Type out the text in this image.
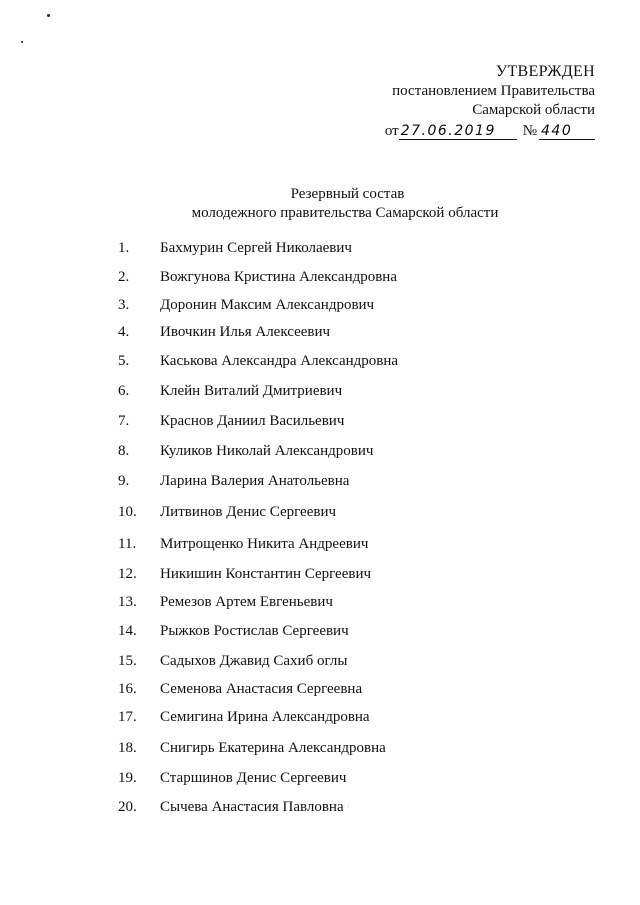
УТВЕРЖДЕН
постановлением Правительства
Самарской области
от 27.06.2019 № 440
Резервный состав
молодежного правительства Самарской области
1.	Бахмурин Сергей Николаевич
2.	Вожгунова Кристина Александровна
3.	Доронин Максим Александрович
4.	Ивочкин Илья Алексеевич
5.	Каськова Александра Александровна
6.	Клейн Виталий Дмитриевич
7.	Краснов Даниил Васильевич
8.	Куликов Николай Александрович
9.	Ларина Валерия Анатольевна
10.	Литвинов Денис Сергеевич
11.	Митрощенко Никита Андреевич
12.	Никишин Константин Сергеевич
13.	Ремезов Артем Евгеньевич
14.	Рыжков Ростислав Сергеевич
15.	Садыхов Джавид Сахиб оглы
16.	Семенова Анастасия Сергеевна
17.	Семигина Ирина Александровна
18.	Снигирь Екатерина Александровна
19.	Старшинов Денис Сергеевич
20.	Сычева Анастасия Павловна
